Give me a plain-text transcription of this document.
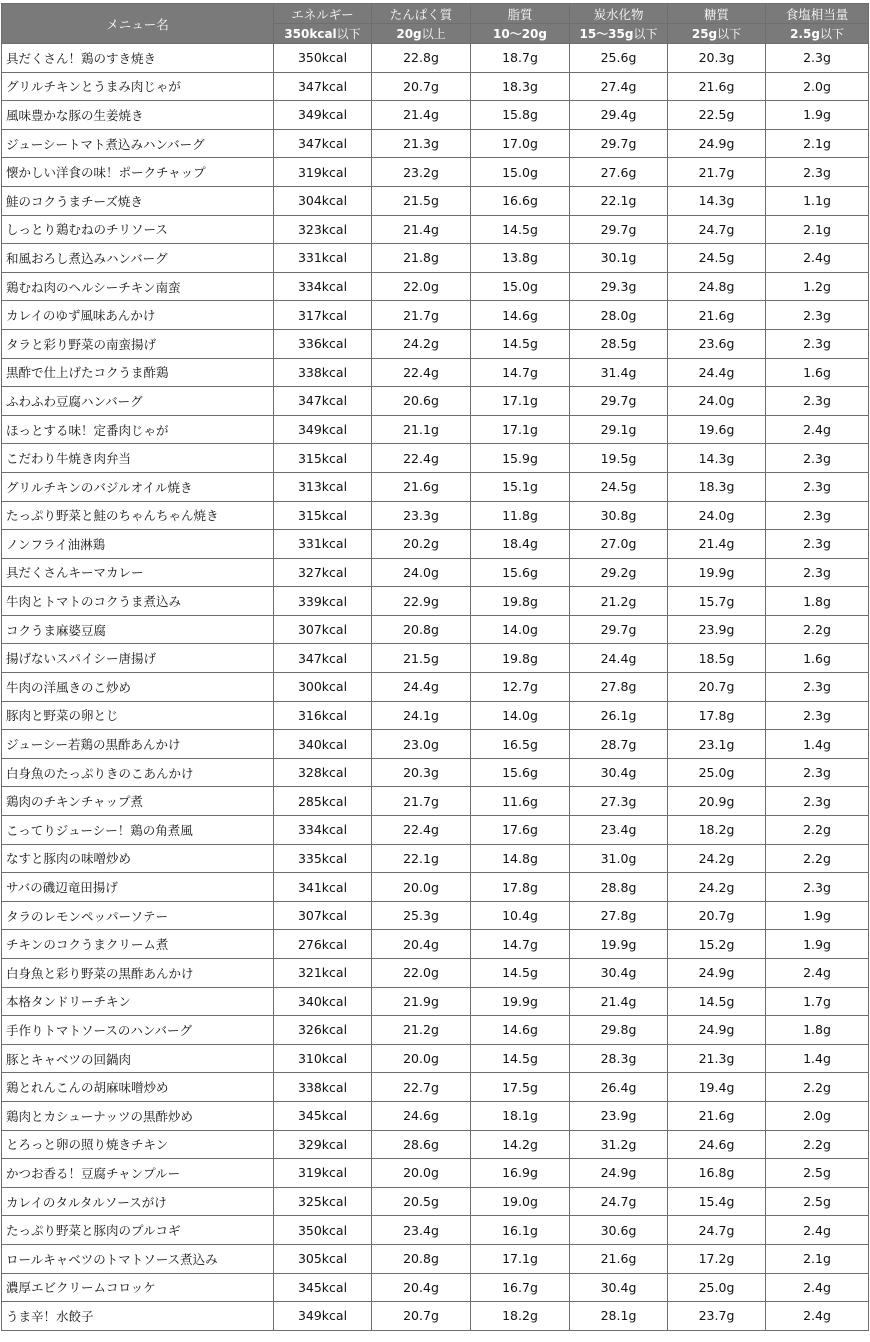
メニュー名	エネルギー	たんぱく質	脂質	炭水化物	糖質	食塩相当量
	350kcal以下	20g以上	10〜20g	15〜35g以下	25g以下	2.5g以下
具だくさん！鶏のすき焼き	350kcal	22.8g	18.7g	25.6g	20.3g	2.3g
グリルチキンとうまみ肉じゃが	347kcal	20.7g	18.3g	27.4g	21.6g	2.0g
風味豊かな豚の生姜焼き	349kcal	21.4g	15.8g	29.4g	22.5g	1.9g
ジューシートマト煮込みハンバーグ	347kcal	21.3g	17.0g	29.7g	24.9g	2.1g
懐かしい洋食の味！ポークチャップ	319kcal	23.2g	15.0g	27.6g	21.7g	2.3g
鮭のコクうまチーズ焼き	304kcal	21.5g	16.6g	22.1g	14.3g	1.1g
しっとり鶏むねのチリソース	323kcal	21.4g	14.5g	29.7g	24.7g	2.1g
和風おろし煮込みハンバーグ	331kcal	21.8g	13.8g	30.1g	24.5g	2.4g
鶏むね肉のヘルシーチキン南蛮	334kcal	22.0g	15.0g	29.3g	24.8g	1.2g
カレイのゆず風味あんかけ	317kcal	21.7g	14.6g	28.0g	21.6g	2.3g
タラと彩り野菜の南蛮揚げ	336kcal	24.2g	14.5g	28.5g	23.6g	2.3g
黒酢で仕上げたコクうま酢鶏	338kcal	22.4g	14.7g	31.4g	24.4g	1.6g
ふわふわ豆腐ハンバーグ	347kcal	20.6g	17.1g	29.7g	24.0g	2.3g
ほっとする味！定番肉じゃが	349kcal	21.1g	17.1g	29.1g	19.6g	2.4g
こだわり牛焼き肉弁当	315kcal	22.4g	15.9g	19.5g	14.3g	2.3g
グリルチキンのバジルオイル焼き	313kcal	21.6g	15.1g	24.5g	18.3g	2.3g
たっぷり野菜と鮭のちゃんちゃん焼き	315kcal	23.3g	11.8g	30.8g	24.0g	2.3g
ノンフライ油淋鶏	331kcal	20.2g	18.4g	27.0g	21.4g	2.3g
具だくさんキーマカレー	327kcal	24.0g	15.6g	29.2g	19.9g	2.3g
牛肉とトマトのコクうま煮込み	339kcal	22.9g	19.8g	21.2g	15.7g	1.8g
コクうま麻婆豆腐	307kcal	20.8g	14.0g	29.7g	23.9g	2.2g
揚げないスパイシー唐揚げ	347kcal	21.5g	19.8g	24.4g	18.5g	1.6g
牛肉の洋風きのこ炒め	300kcal	24.4g	12.7g	27.8g	20.7g	2.3g
豚肉と野菜の卵とじ	316kcal	24.1g	14.0g	26.1g	17.8g	2.3g
ジューシー若鶏の黒酢あんかけ	340kcal	23.0g	16.5g	28.7g	23.1g	1.4g
白身魚のたっぷりきのこあんかけ	328kcal	20.3g	15.6g	30.4g	25.0g	2.3g
鶏肉のチキンチャップ煮	285kcal	21.7g	11.6g	27.3g	20.9g	2.3g
こってりジューシー！鶏の角煮風	334kcal	22.4g	17.6g	23.4g	18.2g	2.2g
なすと豚肉の味噌炒め	335kcal	22.1g	14.8g	31.0g	24.2g	2.2g
サバの磯辺竜田揚げ	341kcal	20.0g	17.8g	28.8g	24.2g	2.3g
タラのレモンペッパーソテー	307kcal	25.3g	10.4g	27.8g	20.7g	1.9g
チキンのコクうまクリーム煮	276kcal	20.4g	14.7g	19.9g	15.2g	1.9g
白身魚と彩り野菜の黒酢あんかけ	321kcal	22.0g	14.5g	30.4g	24.9g	2.4g
本格タンドリーチキン	340kcal	21.9g	19.9g	21.4g	14.5g	1.7g
手作りトマトソースのハンバーグ	326kcal	21.2g	14.6g	29.8g	24.9g	1.8g
豚とキャベツの回鍋肉	310kcal	20.0g	14.5g	28.3g	21.3g	1.4g
鶏とれんこんの胡麻味噌炒め	338kcal	22.7g	17.5g	26.4g	19.4g	2.2g
鶏肉とカシューナッツの黒酢炒め	345kcal	24.6g	18.1g	23.9g	21.6g	2.0g
とろっと卵の照り焼きチキン	329kcal	28.6g	14.2g	31.2g	24.6g	2.2g
かつお香る！豆腐チャンプルー	319kcal	20.0g	16.9g	24.9g	16.8g	2.5g
カレイのタルタルソースがけ	325kcal	20.5g	19.0g	24.7g	15.4g	2.5g
たっぷり野菜と豚肉のプルコギ	350kcal	23.4g	16.1g	30.6g	24.7g	2.4g
ロールキャベツのトマトソース煮込み	305kcal	20.8g	17.1g	21.6g	17.2g	2.1g
濃厚エビクリームコロッケ	345kcal	20.4g	16.7g	30.4g	25.0g	2.4g
うま辛！水餃子	349kcal	20.7g	18.2g	28.1g	23.7g	2.4g
